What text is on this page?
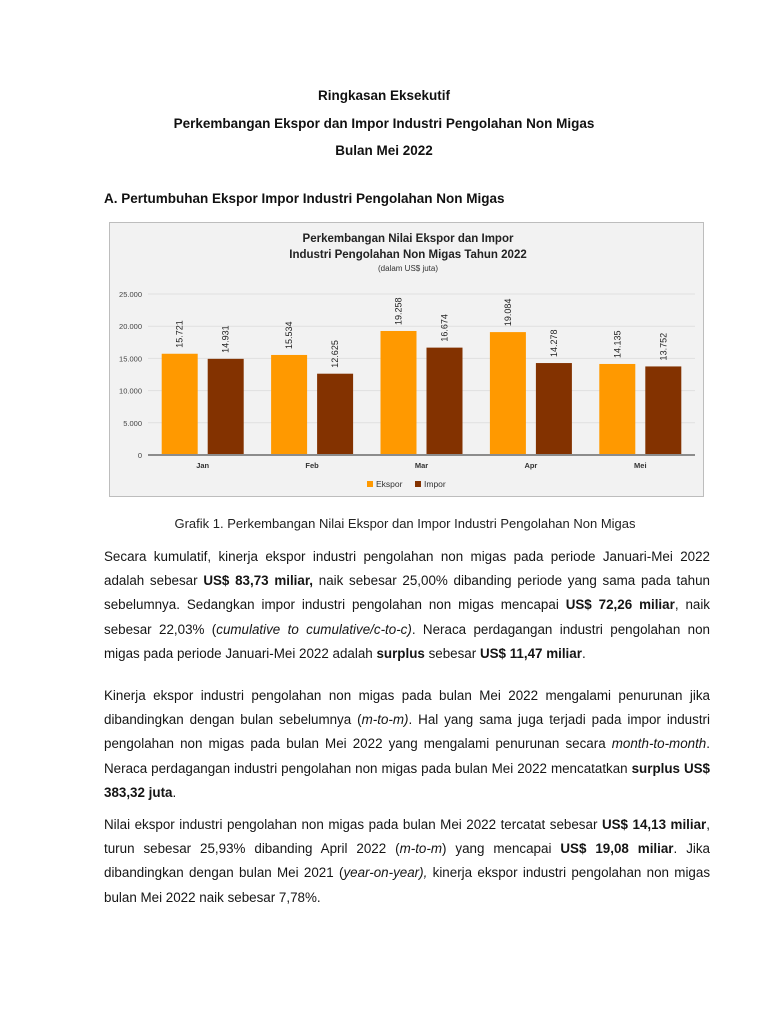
Ringkasan Eksekutif
Perkembangan Ekspor dan Impor Industri Pengolahan Non Migas
Bulan Mei 2022
A. Pertumbuhan Ekspor Impor Industri Pengolahan Non Migas
Perkembangan Nilai Ekspor dan Impor
Industri Pengolahan Non Migas Tahun 2022
(dalam US$ juta)
15.721	14.931	15.534
12.625
19.258
16.674
19.084
14.278	14.135	13.752
0
5.000
10.000
15.000
20.000
25.000
Jan	Feb	Mar	Apr	Mei
Ekspor	Impor
Grafik 1. Perkembangan Nilai Ekspor dan Impor Industri Pengolahan Non Migas
Secara kumulatif, kinerja ekspor industri pengolahan non migas pada periode Januari-Mei 2022 adalah sebesar US$ 83,73 miliar, naik sebesar 25,00% dibanding periode yang sama pada tahun sebelumnya. Sedangkan impor industri pengolahan non migas mencapai US$ 72,26 miliar, naik sebesar 22,03% (cumulative to cumulative/c-to-c). Neraca perdagangan industri pengolahan non migas pada periode Januari-Mei 2022 adalah surplus sebesar US$ 11,47 miliar.
Kinerja ekspor industri pengolahan non migas pada bulan Mei 2022 mengalami penurunan jika dibandingkan dengan bulan sebelumnya (m-to-m). Hal yang sama juga terjadi pada impor industri pengolahan non migas pada bulan Mei 2022 yang mengalami penurunan secara month-to-month. Neraca perdagangan industri pengolahan non migas pada bulan Mei 2022 mencatatkan surplus US$ 383,32 juta.
Nilai ekspor industri pengolahan non migas pada bulan Mei 2022 tercatat sebesar US$ 14,13 miliar, turun sebesar 25,93% dibanding April 2022 (m-to-m) yang mencapai US$ 19,08 miliar. Jika dibandingkan dengan bulan Mei 2021 (year-on-year), kinerja ekspor industri pengolahan non migas bulan Mei 2022 naik sebesar 7,78%.
